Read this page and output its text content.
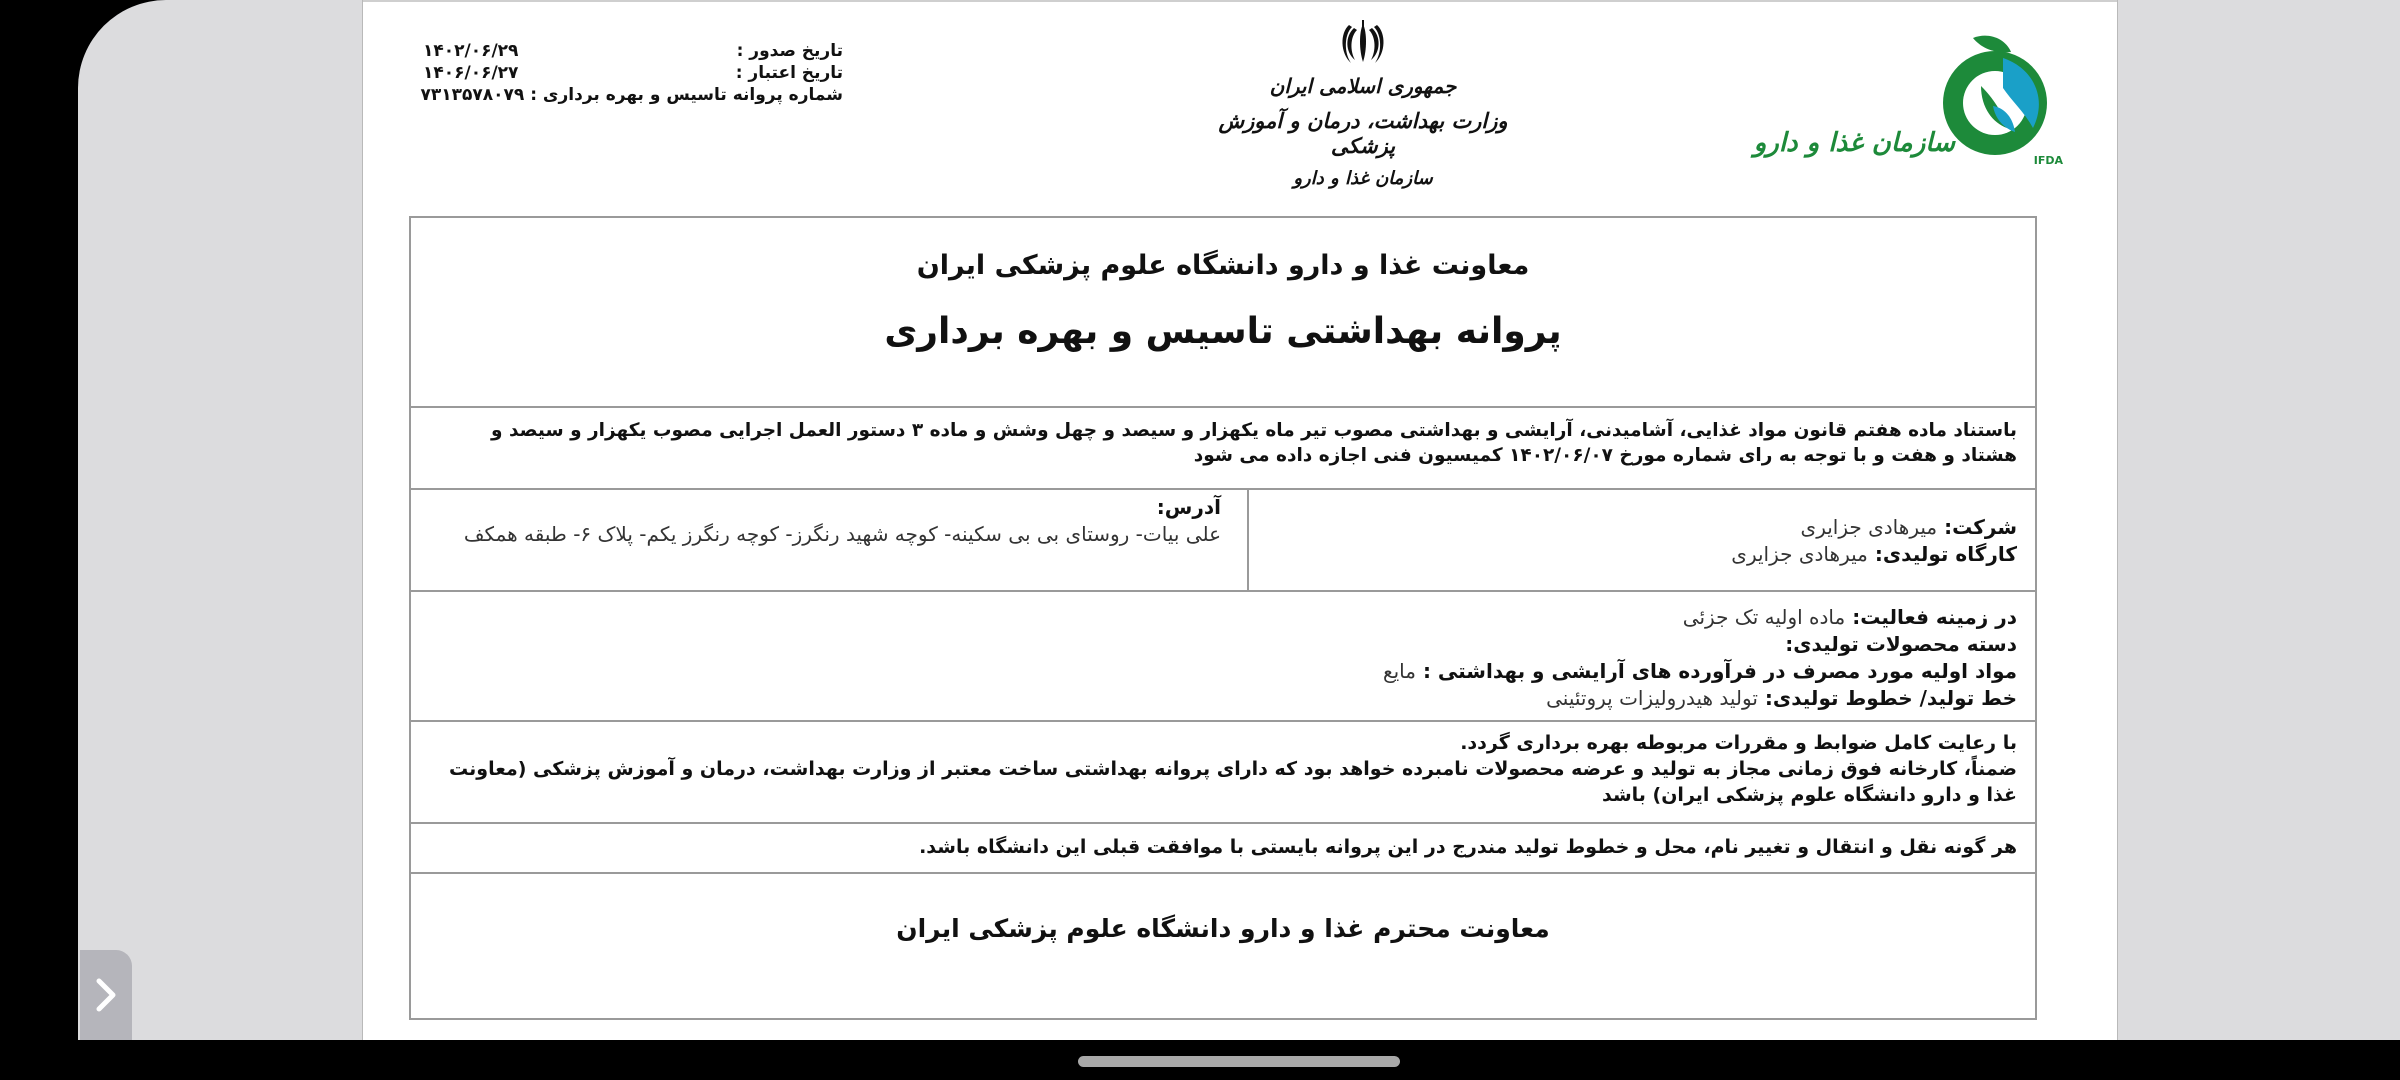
تاریخ صدور :
۱۴۰۲/۰۶/۲۹
تاریخ اعتبار :
۱۴۰۶/۰۶/۲۷
شماره پروانه تاسیس و بهره برداری :
۷۳۱۳۵۷۸۰۷۹	جمهوری اسلامی ایران
وزارت بهداشت، درمان و آموزش پزشکی
سازمان غذا و دارو
سازمان غذا و دارو
IFDA
معاونت غذا و دارو دانشگاه علوم پزشکی ایران
پروانه بهداشتی تاسیس و بهره برداری
باستناد ماده هفتم قانون مواد غذایی، آشامیدنی، آرایشی و بهداشتی مصوب تیر ماه یکهزار و سیصد و چهل وشش و ماده ۳ دستور العمل اجرایی مصوب یکهزار و سیصد و هشتاد و هفت و با توجه به رای شماره مورخ ۱۴۰۲/۰۶/۰۷ کمیسیون فنی اجازه داده می شود
شرکت: میرهادی جزایری
کارگاه تولیدی: میرهادی جزایری
آدرس:
علی بیات- روستای بی بی سکینه- کوچه شهید رنگرز- کوچه رنگرز یکم- پلاک ۶- طبقه همکف
در زمینه فعالیت: ماده اولیه تک جزئی
دسته محصولات تولیدی:
مواد اولیه مورد مصرف در فرآورده های آرایشی و بهداشتی : مایع
خط تولید/ خطوط تولیدی: تولید هیدرولیزات پروتئینی
با رعایت کامل ضوابط و مقررات مربوطه بهره برداری گردد.
ضمناً، کارخانه فوق زمانی مجاز به تولید و عرضه محصولات نامبرده خواهد بود که دارای پروانه بهداشتی ساخت معتبر از وزارت بهداشت، درمان و آموزش پزشکی (معاونت غذا و دارو دانشگاه علوم پزشکی ایران) باشد
هر گونه نقل و انتقال و تغییر نام، محل و خطوط تولید مندرج در این پروانه بایستی با موافقت قبلی این دانشگاه باشد.
معاونت محترم غذا و دارو دانشگاه علوم پزشکی ایران
